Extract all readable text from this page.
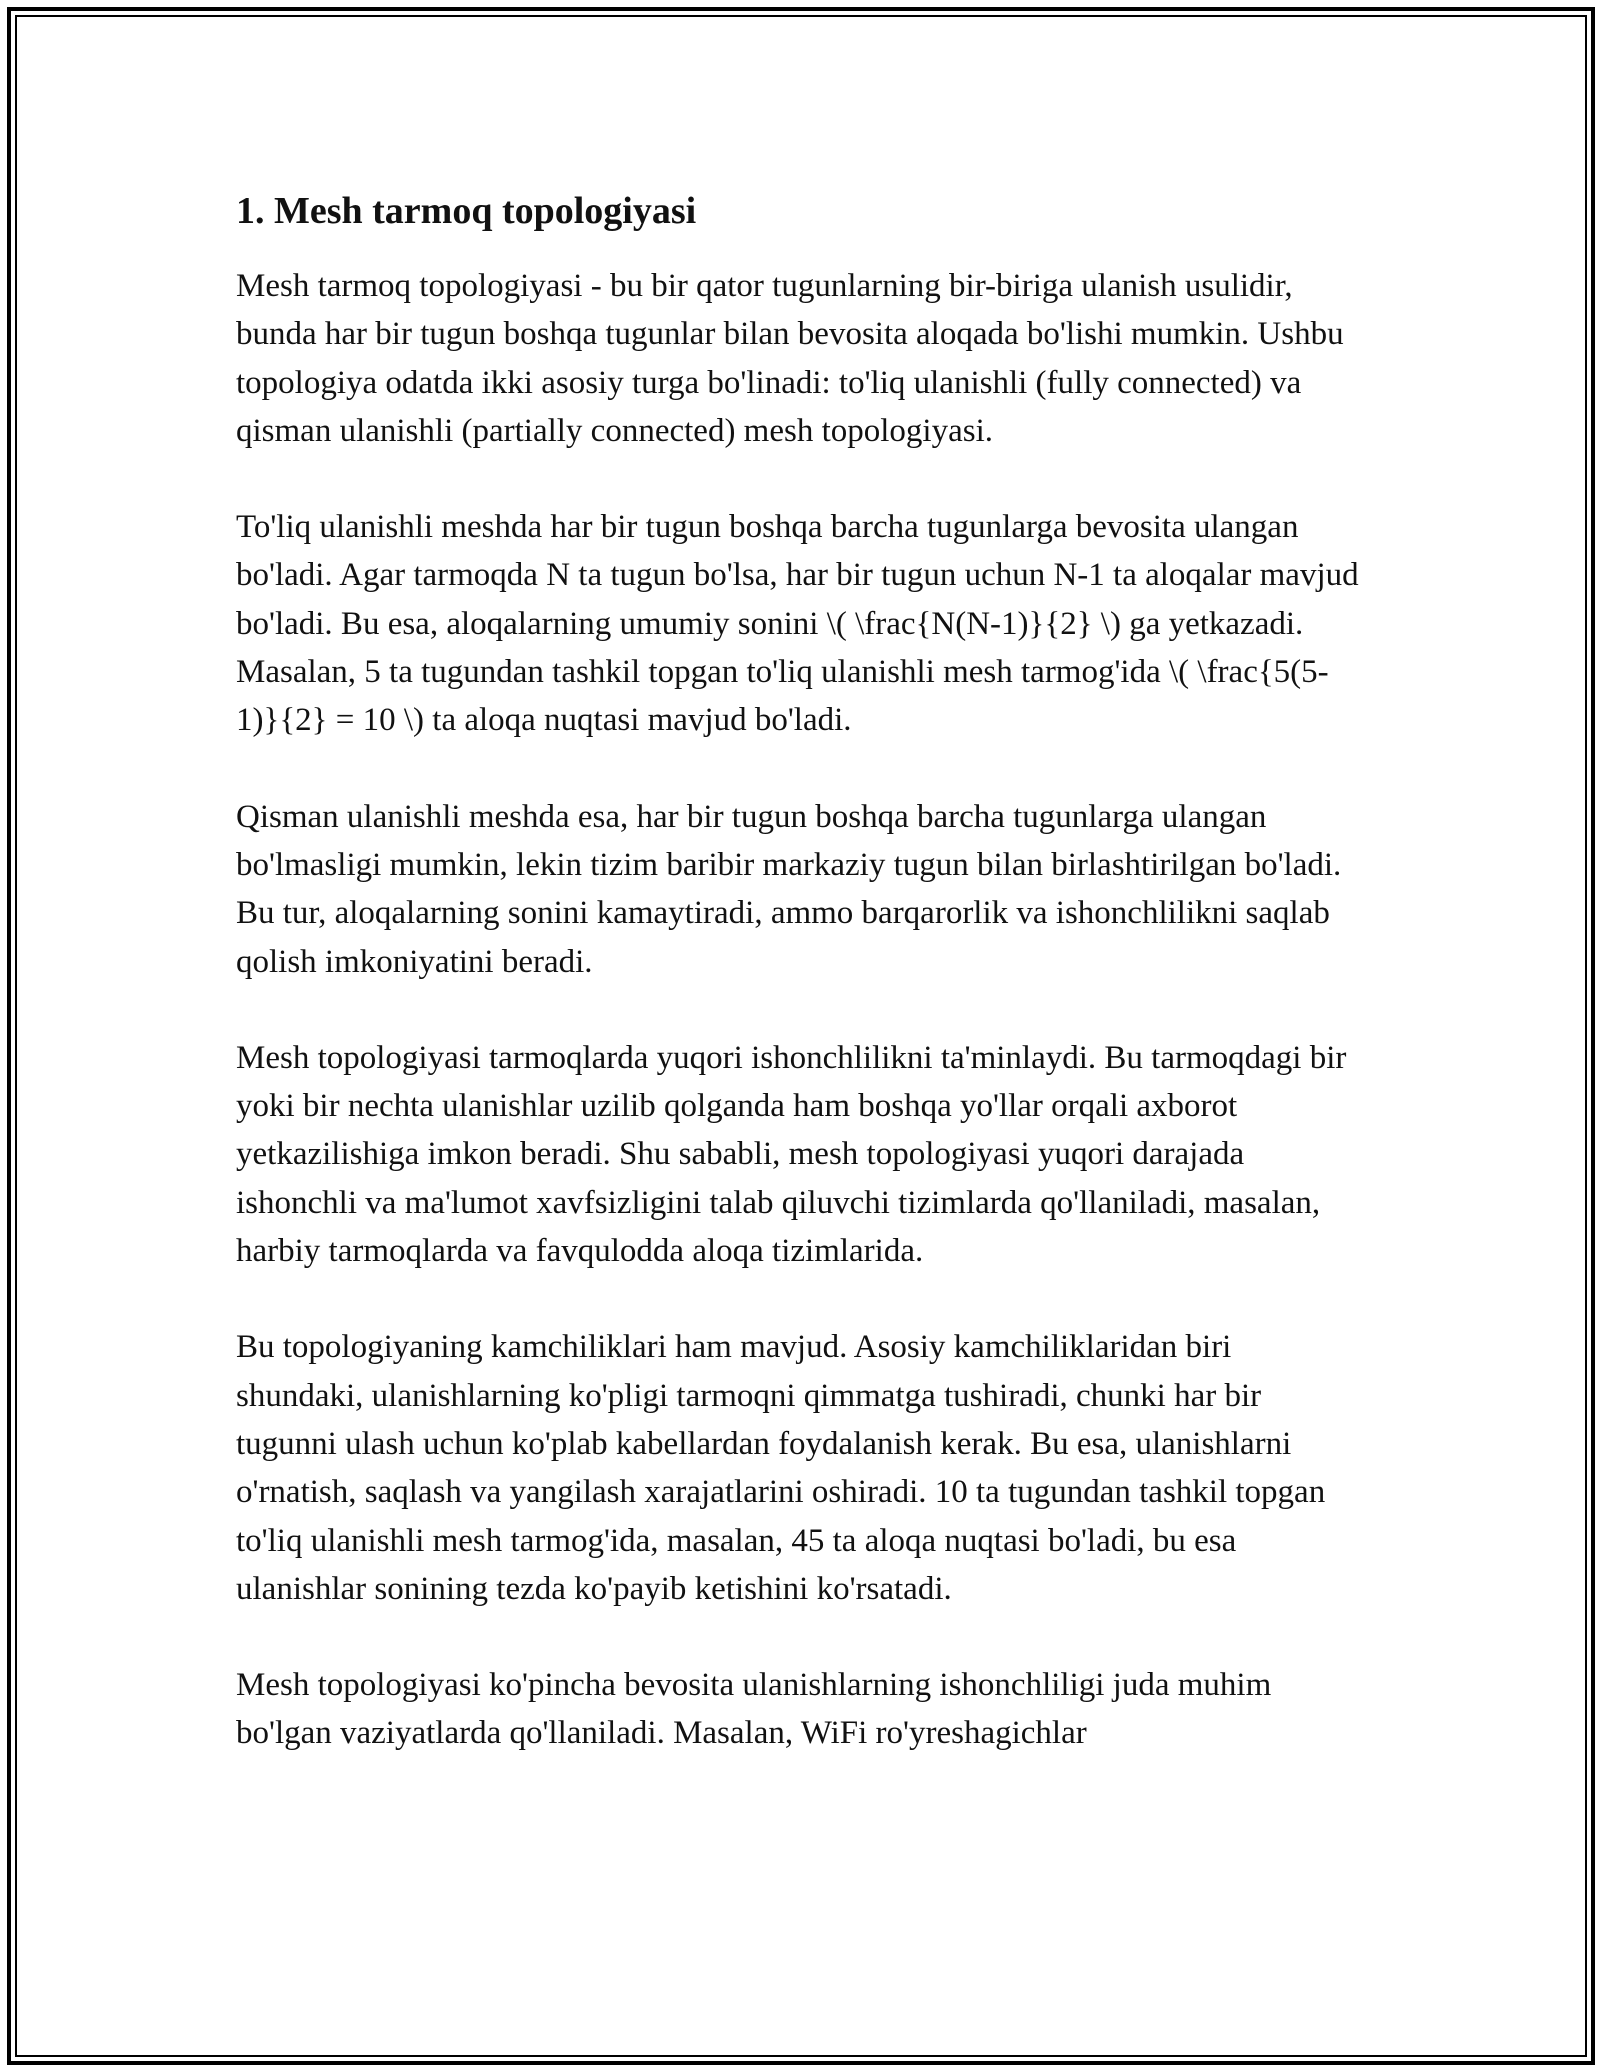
1. Mesh tarmoq topologiyasi

Mesh tarmoq topologiyasi - bu bir qator tugunlarning bir-biriga ulanish usulidir, bunda har bir tugun boshqa tugunlar bilan bevosita aloqada bo'lishi mumkin. Ushbu topologiya odatda ikki asosiy turga bo'linadi: to'liq ulanishli (fully connected) va qisman ulanishli (partially connected) mesh topologiyasi.

To'liq ulanishli meshda har bir tugun boshqa barcha tugunlarga bevosita ulangan bo'ladi. Agar tarmoqda N ta tugun bo'lsa, har bir tugun uchun N-1 ta aloqalar mavjud bo'ladi. Bu esa, aloqalarning umumiy sonini \( \frac{N(N-1)}{2} \) ga yetkazadi. Masalan, 5 ta tugundan tashkil topgan to'liq ulanishli mesh tarmog'ida \( \frac{5(5-1)}{2} = 10 \) ta aloqa nuqtasi mavjud bo'ladi.

Qisman ulanishli meshda esa, har bir tugun boshqa barcha tugunlarga ulangan bo'lmasligi mumkin, lekin tizim baribir markaziy tugun bilan birlashtirilgan bo'ladi. Bu tur, aloqalarning sonini kamaytiradi, ammo barqarorlik va ishonchlilikni saqlab qolish imkoniyatini beradi.

Mesh topologiyasi tarmoqlarda yuqori ishonchlilikni ta'minlaydi. Bu tarmoqdagi bir yoki bir nechta ulanishlar uzilib qolganda ham boshqa yo'llar orqali axborot yetkazilishiga imkon beradi. Shu sababli, mesh topologiyasi yuqori darajada ishonchli va ma'lumot xavfsizligini talab qiluvchi tizimlarda qo'llaniladi, masalan, harbiy tarmoqlarda va favqulodda aloqa tizimlarida.

Bu topologiyaning kamchiliklari ham mavjud. Asosiy kamchiliklaridan biri shundaki, ulanishlarning ko'pligi tarmoqni qimmatga tushiradi, chunki har bir tugunni ulash uchun ko'plab kabellardan foydalanish kerak. Bu esa, ulanishlarni o'rnatish, saqlash va yangilash xarajatlarini oshiradi. 10 ta tugundan tashkil topgan to'liq ulanishli mesh tarmog'ida, masalan, 45 ta aloqa nuqtasi bo'ladi, bu esa ulanishlar sonining tezda ko'payib ketishini ko'rsatadi.

Mesh topologiyasi ko'pincha bevosita ulanishlarning ishonchliligi juda muhim bo'lgan vaziyatlarda qo'llaniladi. Masalan, WiFi ro'yreshagichlar
